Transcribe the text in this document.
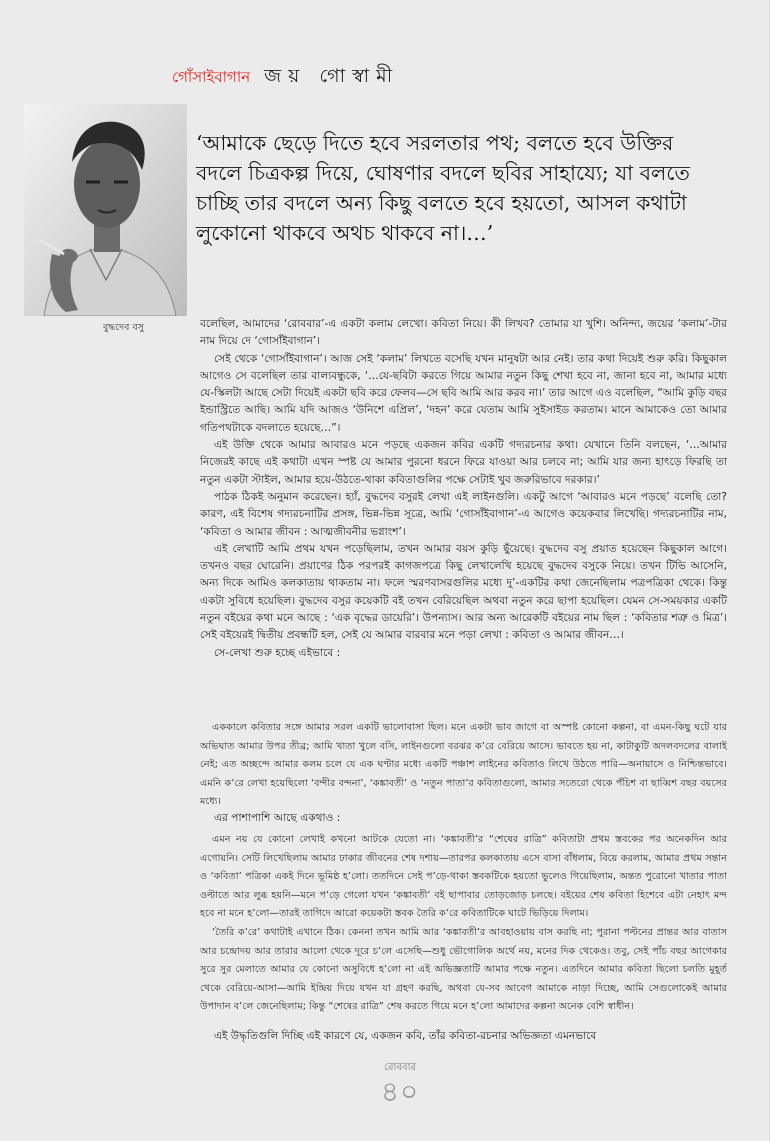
গোঁসাইবাগান জয় গোস্বামী
বুদ্ধদেব বসু
‘আমাকে ছেড়ে দিতে হবে সরলতার পথ; বলতে হবে উক্তির বদলে চিত্রকল্প দিয়ে, ঘোষণার বদলে ছবির সাহায্যে; যা বলতে চাচ্ছি তার বদলে অন্য কিছু বলতে হবে হয়তো, আসল কথাটা লুকোনো থাকবে অথচ থাকবে না।…’

বলেছিল, আমাদের ‘রোববার’-এ একটা কলাম লেখো। কবিতা নিয়ে। কী লিখব? তোমার যা খুশি। অনিন্দ্য, জয়ের ‘কলাম’-টার নাম দিয়ে দে ‘গোসাঁইবাগান’।

সেই থেকে ‘গোসাঁইবাগান’। আজ সেই ‘কলাম’ লিখতে বসেছি যখন মানুষটা আর নেই। তার কথা দিয়েই শুরু করি। কিছুকাল আগেও সে বলেছিল তার বাল্যবন্ধুকে, ‘…যে-ছবিটা করতে গিয়ে আমার নতুন কিছু শেখা হবে না, জানা হবে না, আমার মধ্যে যে-স্কিলটা আছে সেটা দিয়েই একটা ছবি করে ফেলব—সে ছবি আমি আর করব না।’ তার আগে এও বলেছিল, “আমি কুড়ি বছর ইন্ডাস্ট্রিতে আছি। আমি যদি আজও ‘উনিশে এপ্রিল’, ‘দহন’ করে যেতাম আমি সুইসাইড করতাম। মানে আমাকেও তো আমার গতিপথটাকে বদলাতে হয়েছে…”।

এই উক্তি থেকে আমার আবারও মনে পড়ছে একজন কবির একটি গদ্যরচনার কথা। যেখানে তিনি বলছেন, ‘…আমার নিজেরই কাছে এই কথাটা এখন স্পষ্ট যে আমার পুরনো ধরনে ফিরে যাওয়া আর চলবে না; আমি যার জন্য হাৎড়ে ফিরছি তা নতুন একটা স্টাইল, আমার হয়ে-উঠতে-থাকা কবিতাগুলির পক্ষে সেটাই খুব জরুরিভাবে দরকার।’

পাঠক ঠিকই অনুমান করেছেন। হ্যাঁ, বুদ্ধদেব বসুরই লেখা এই লাইনগুলি। একটু আগে ‘আবারও মনে পড়ছে’ বলেছি তো? কারণ, এই বিশেষ গদ্যরচনাটির প্রসঙ্গ, ভিন্ন-ভিন্ন সূত্রে, আমি ‘গোসাঁইবাগান’-এ আগেও কয়েকবার লিখেছি। গদ্যরচনাটির নাম, ‘কবিতা ও আমার জীবন : আত্মজীবনীর ভগ্নাংশ’।

এই লেখাটি আমি প্রথম যখন পড়েছিলাম, তখন আমার বয়স কুড়ি ছুঁয়েছে। বুদ্ধদেব বসু প্রয়াত হয়েছেন কিছুকাল আগে। তখনও বছর ঘোরেনি। প্রয়াণের ঠিক পরপরই কাগজপত্রে কিছু লেখালেখি হয়েছে বুদ্ধদেব বসুকে নিয়ে। তখন টিভি আসেনি, অন্য দিকে আমিও কলকাতায় থাকতাম না। ফলে স্মরণবাসরগুলির মধ্যে দু’-একটির কথা জেনেছিলাম পত্রপত্রিকা থেকে। কিন্তু একটা সুবিধে হয়েছিল। বুদ্ধদেব বসুর কয়েকটি বই তখন বেরিয়েছিল অথবা নতুন করে ছাপা হয়েছিল। যেমন সে-সময়কার একটি নতুন বইয়ের কথা মনে আছে : ‘এক বৃদ্ধের ডায়েরি’। উপন্যাস। আর অন্য আরেকটি বইয়ের নাম ছিল : ‘কবিতার শত্রু ও মিত্র’। সেই বইয়েরই দ্বিতীয় প্রবন্ধটি হল, সেই যে আমার বারবার মনে পড়া লেখা : কবিতা ও আমার জীবন…।

সে-লেখা শুরু হচ্ছে এইভাবে :

এককালে কবিতার সঙ্গে আমার সরল একটি ভালোবাসা ছিল। মনে একটা ভাব জাগে বা অস্পষ্ট কোনো কল্পনা, বা এমন-কিছু ঘটে যার অভিঘাত আমার উপর তীব্র; আমি খাতা খুলে বসি, লাইনগুলো বরঝর ক’রে বেরিয়ে আসে। ভাবতে হয় না, কাটাকুটি অদলবদলের বালাই নেই; এত অচ্ছন্দে আমার কলম চলে যে এক ঘণ্টার মধ্যে একটি পঞ্চাশ লাইনের কবিতাও লিখে উঠতে পারি—অনায়াসে ও নিশ্চিন্তভাবে। এমনি ক’রে লেখা হয়েছিলো ‘বন্দীর বন্দনা’, ‘কঙ্কাবতী’ ও ‘নতুন পাতা’র কবিতাগুলো, আমার সতেরো থেকে পঁচিশ বা ছাব্বিশ বছর বয়সের মধ্যে।

এর পাশাপাশি আছে একথাও :

এমন নয় যে কোনো লেখাই কখনো আটকে যেতো না। ‘কঙ্কাবতী’র “শেষের রাত্রি” কবিতাটা প্রথম স্তবকের পর অনেকদিন আর এগোয়নি। সেটি লিখেছিলাম আমার ঢাকার জীবনের শেষ দশায়—তারপর কলকাতায় এসে বাসা বাঁধলাম, বিয়ে করলাম, আমার প্রথম সন্তান ও ‘কবিতা’ পত্রিকা একই দিনে ভূমিষ্ঠ হ’লো। ততদিনে সেই প’ড়ে-থাকা স্তবকটিকে হয়তো ভুলেও গিয়েছিলাম, অন্তত পুরোনো খাতার পাতা ওল্টাতে আর লুব্ধ হয়নি—মনে প’ড়ে গেলো যখন ‘কঙ্কাবতী’ বই ছাপাবার তোড়জোড় চলছে। বইয়ের শেষ কবিতা হিশেবে এটা নেহাৎ মন্দ হবে না মনে হ’লো—তারই তাগিদে আরো কয়েকটা স্তবক তৈরি ক’রে কবিতাটিকে ঘাটে ভিড়িয়ে দিলাম।

‘তৈরি ক’রে’ কথাটাই এখানে ঠিক। কেননা তখন আমি আর ‘কঙ্কাবতী’র আবহাওয়ায় বাস করছি না; পুরানা পল্টনের প্রান্তর আর বাতাস আর চন্দ্রোদয় আর তারার আলো থেকে দূরে চ’লে এসেছি—শুধু ভৌগোলিক অর্থে নয়, মনের দিক থেকেও। তবু, সেই পাঁচ বছর আগেকার সুরে সুর মেলাতে আমার যে কোনো অসুবিধে হ’লো না এই অভিজ্ঞতাটি আমার পক্ষে নতুন। এতদিনে আমার কবিতা ছিলো চলতি মুহূর্ত থেকে বেরিয়ে-আসা—আমি ইন্দ্রিয় দিয়ে যখন যা গ্রহণ করছি, অথবা যে-সব আবেগ আমাকে নাড়া দিচ্ছে, আমি সেগুলোকেই আমার উপাদান ব’লে জেনেছিলাম; কিন্তু “শেষের রাত্রি” শেষ করতে গিয়ে মনে হ’লো আমাদের কল্পনা অনেক বেশি স্বাধীন।

এই উদ্ধৃতিগুলি দিচ্ছি এই কারণে যে, একজন কবি, তাঁর কবিতা-রচনার অভিজ্ঞতা এমনভাবে
রোববার
৪০
